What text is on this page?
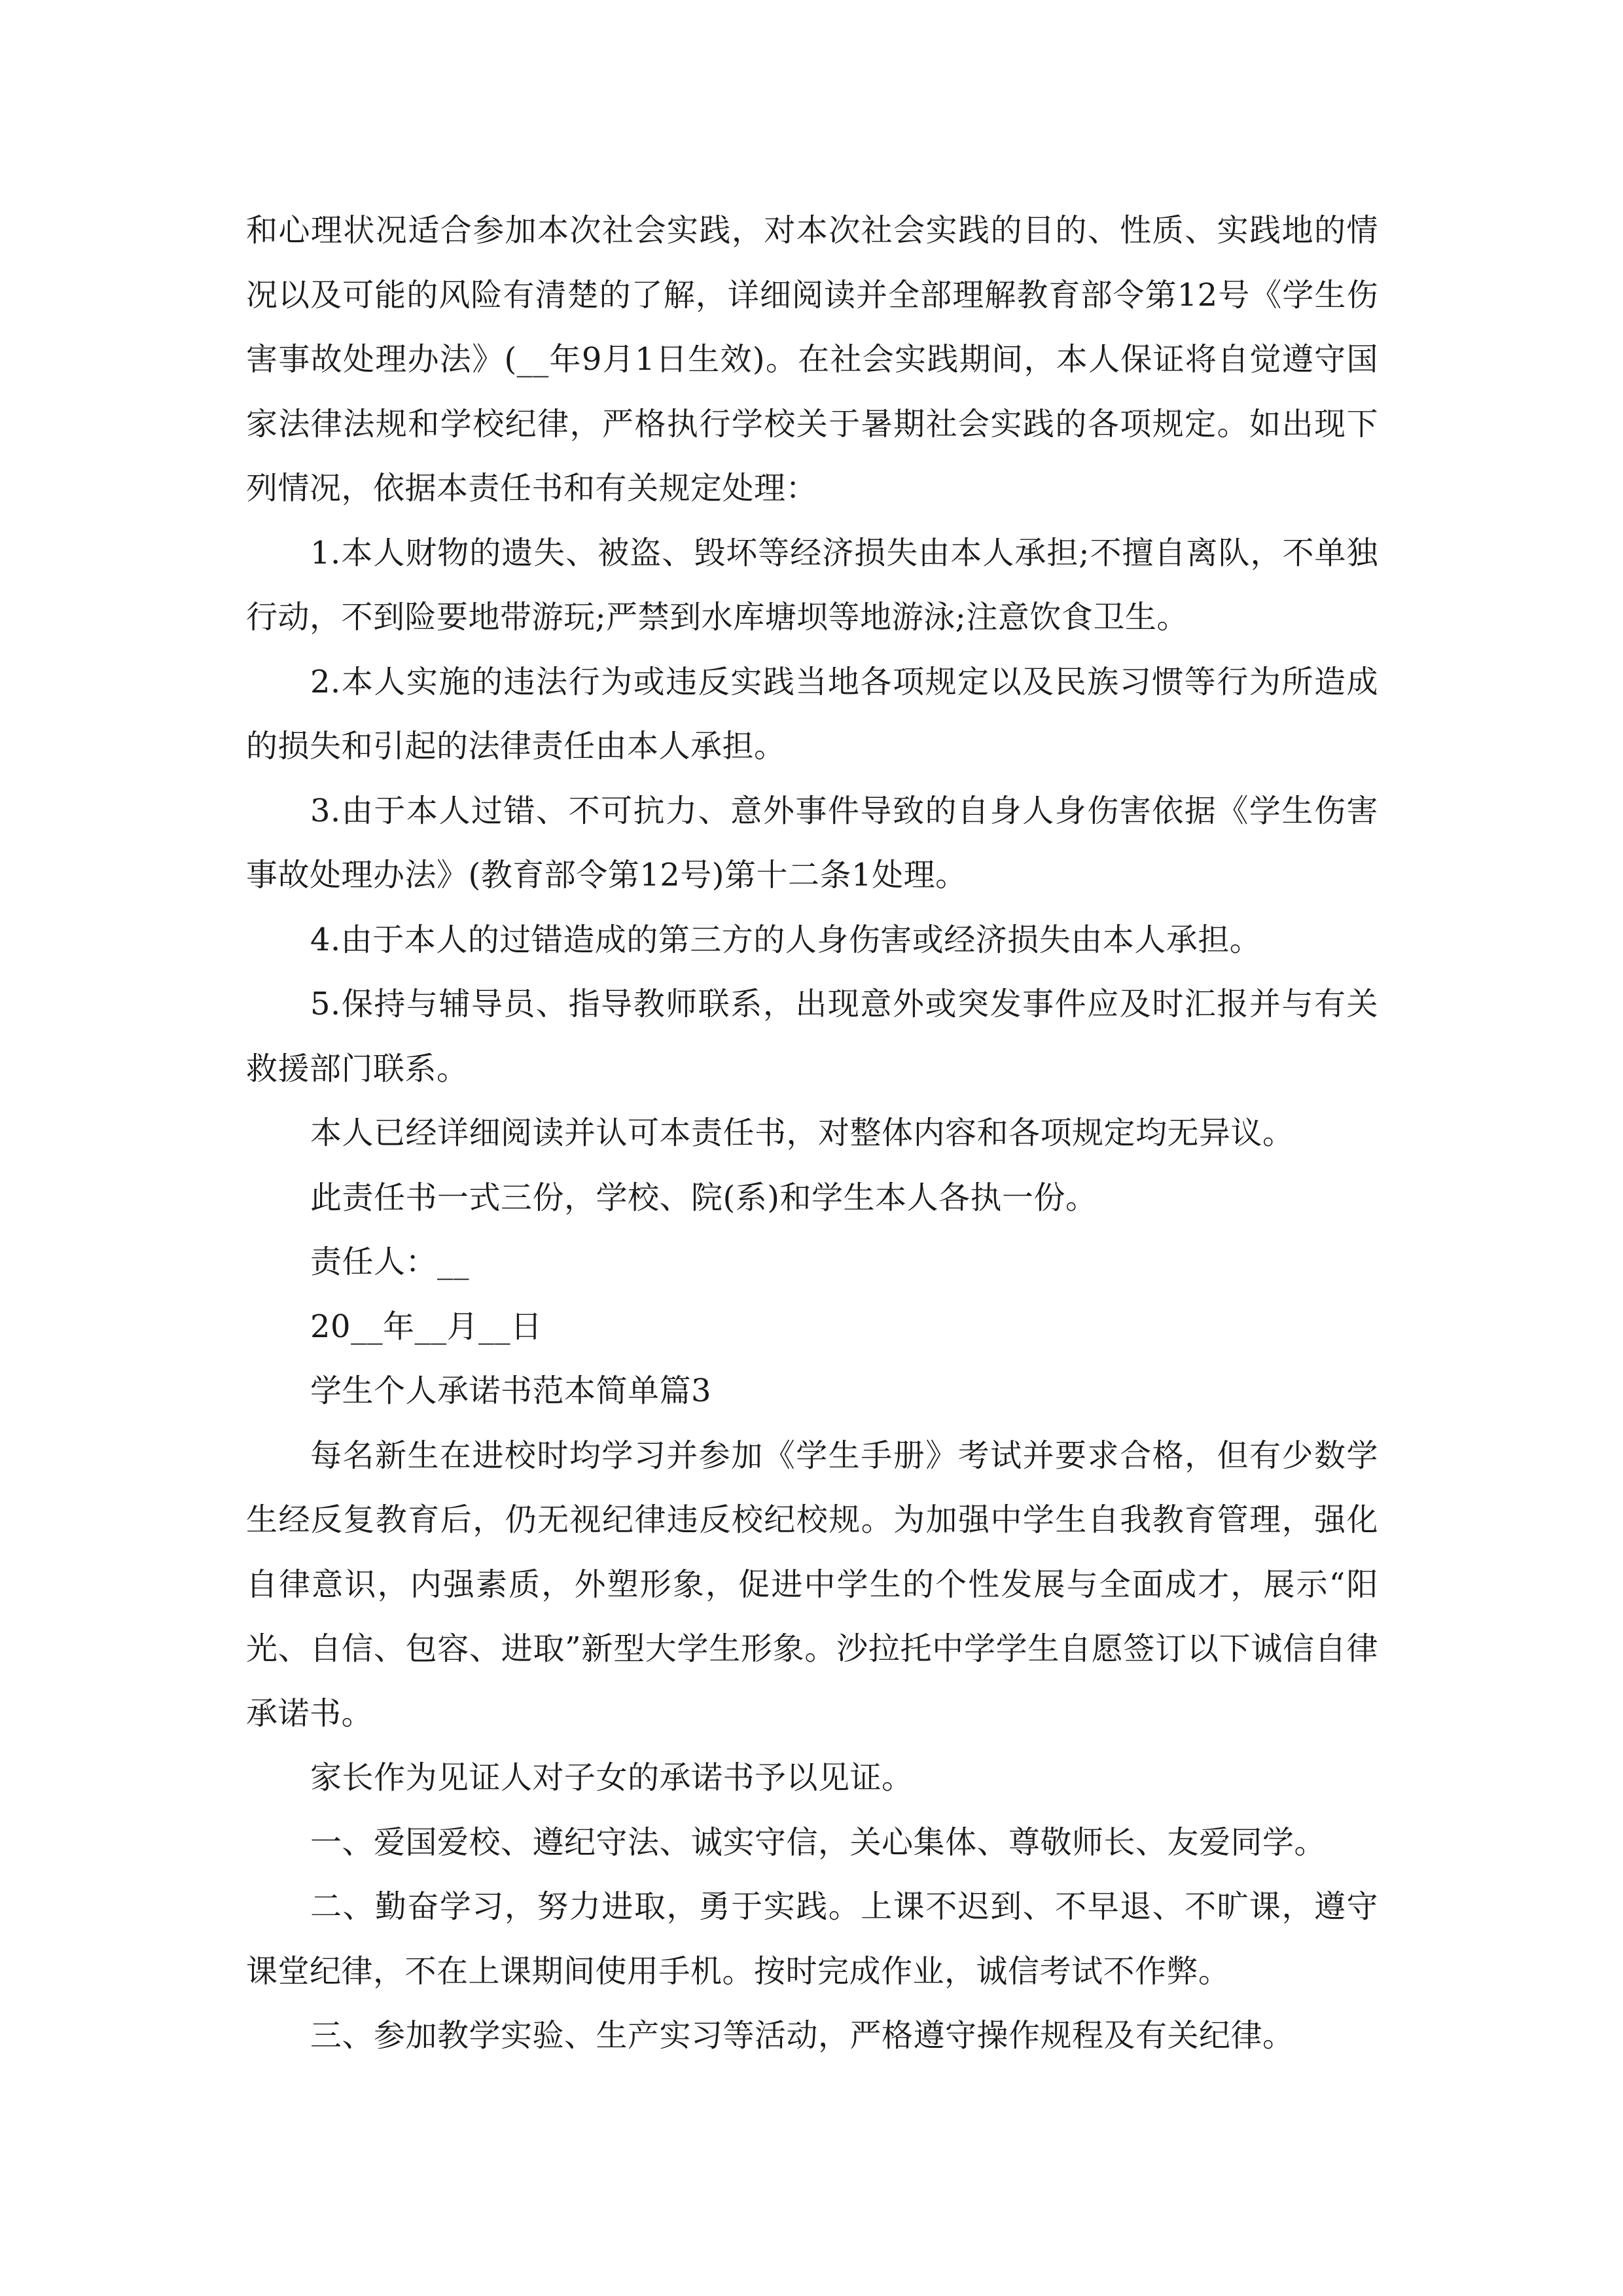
和心理状况适合参加本次社会实践，对本次社会实践的目的、性质、实践地的情况以及可能的风险有清楚的了解，详细阅读并全部理解教育部令第12号《学生伤害事故处理办法》(__年9月1日生效)。在社会实践期间，本人保证将自觉遵守国家法律法规和学校纪律，严格执行学校关于暑期社会实践的各项规定。如出现下列情况，依据本责任书和有关规定处理：

1.本人财物的遗失、被盗、毁坏等经济损失由本人承担;不擅自离队，不单独行动，不到险要地带游玩;严禁到水库塘坝等地游泳;注意饮食卫生。

2.本人实施的违法行为或违反实践当地各项规定以及民族习惯等行为所造成的损失和引起的法律责任由本人承担。

3.由于本人过错、不可抗力、意外事件导致的自身人身伤害依据《学生伤害事故处理办法》(教育部令第12号)第十二条1处理。

4.由于本人的过错造成的第三方的人身伤害或经济损失由本人承担。

5.保持与辅导员、指导教师联系，出现意外或突发事件应及时汇报并与有关救援部门联系。

本人已经详细阅读并认可本责任书，对整体内容和各项规定均无异议。

此责任书一式三份，学校、院(系)和学生本人各执一份。

责任人：__

20__年__月__日

学生个人承诺书范本简单篇3

每名新生在进校时均学习并参加《学生手册》考试并要求合格，但有少数学生经反复教育后，仍无视纪律违反校纪校规。为加强中学生自我教育管理，强化自律意识，内强素质，外塑形象，促进中学生的个性发展与全面成才，展示“阳光、自信、包容、进取”新型大学生形象。沙拉托中学学生自愿签订以下诚信自律承诺书。

家长作为见证人对子女的承诺书予以见证。

一、爱国爱校、遵纪守法、诚实守信，关心集体、尊敬师长、友爱同学。

二、勤奋学习，努力进取，勇于实践。上课不迟到、不早退、不旷课，遵守课堂纪律，不在上课期间使用手机。按时完成作业，诚信考试不作弊。

三、参加教学实验、生产实习等活动，严格遵守操作规程及有关纪律。
